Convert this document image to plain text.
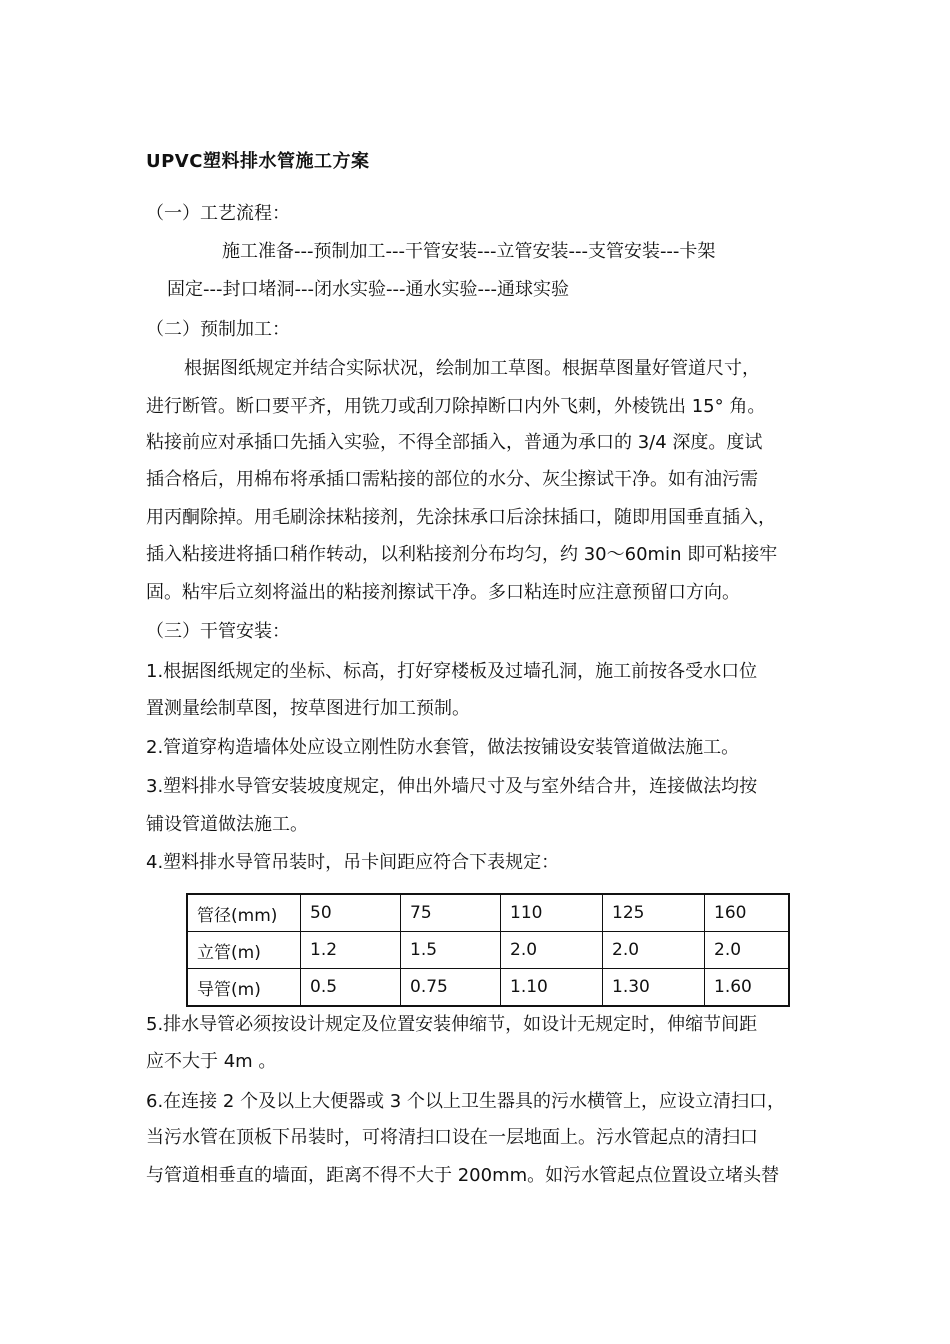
UPVC塑料排水管施工方案
（一）工艺流程：
施工准备---预制加工---干管安装---立管安装---支管安装---卡架
固定---封口堵洞---闭水实验---通水实验---通球实验
（二）预制加工：
根据图纸规定并结合实际状况，绘制加工草图。根据草图量好管道尺寸，
进行断管。断口要平齐，用铣刀或刮刀除掉断口内外飞刺，外棱铣出 15° 角。
粘接前应对承插口先插入实验，不得全部插入，普通为承口的 3/4 深度。度试
插合格后，用棉布将承插口需粘接的部位的水分、灰尘擦试干净。如有油污需
用丙酮除掉。用毛刷涂抹粘接剂，先涂抹承口后涂抹插口，随即用国垂直插入，
插入粘接进将插口稍作转动，以利粘接剂分布均匀，约 30～60min 即可粘接牢
固。粘牢后立刻将溢出的粘接剂擦试干净。多口粘连时应注意预留口方向。
（三）干管安装：
1.根据图纸规定的坐标、标高，打好穿楼板及过墙孔洞，施工前按各受水口位
置测量绘制草图，按草图进行加工预制。
2.管道穿构造墙体处应设立刚性防水套管，做法按铺设安装管道做法施工。
3.塑料排水导管安装坡度规定，伸出外墙尺寸及与室外结合井，连接做法均按
铺设管道做法施工。
4.塑料排水导管吊装时，吊卡间距应符合下表规定：
管径(mm)	50	75	110	125	160
立管(m)	1.2	1.5	2.0	2.0	2.0
导管(m)	0.5	0.75	1.10	1.30	1.60
5.排水导管必须按设计规定及位置安装伸缩节，如设计无规定时，伸缩节间距
应不大于 4m 。
6.在连接 2 个及以上大便器或 3 个以上卫生器具的污水横管上，应设立清扫口，
当污水管在顶板下吊装时，可将清扫口设在一层地面上。污水管起点的清扫口
与管道相垂直的墙面，距离不得不大于 200mm。如污水管起点位置设立堵头替
